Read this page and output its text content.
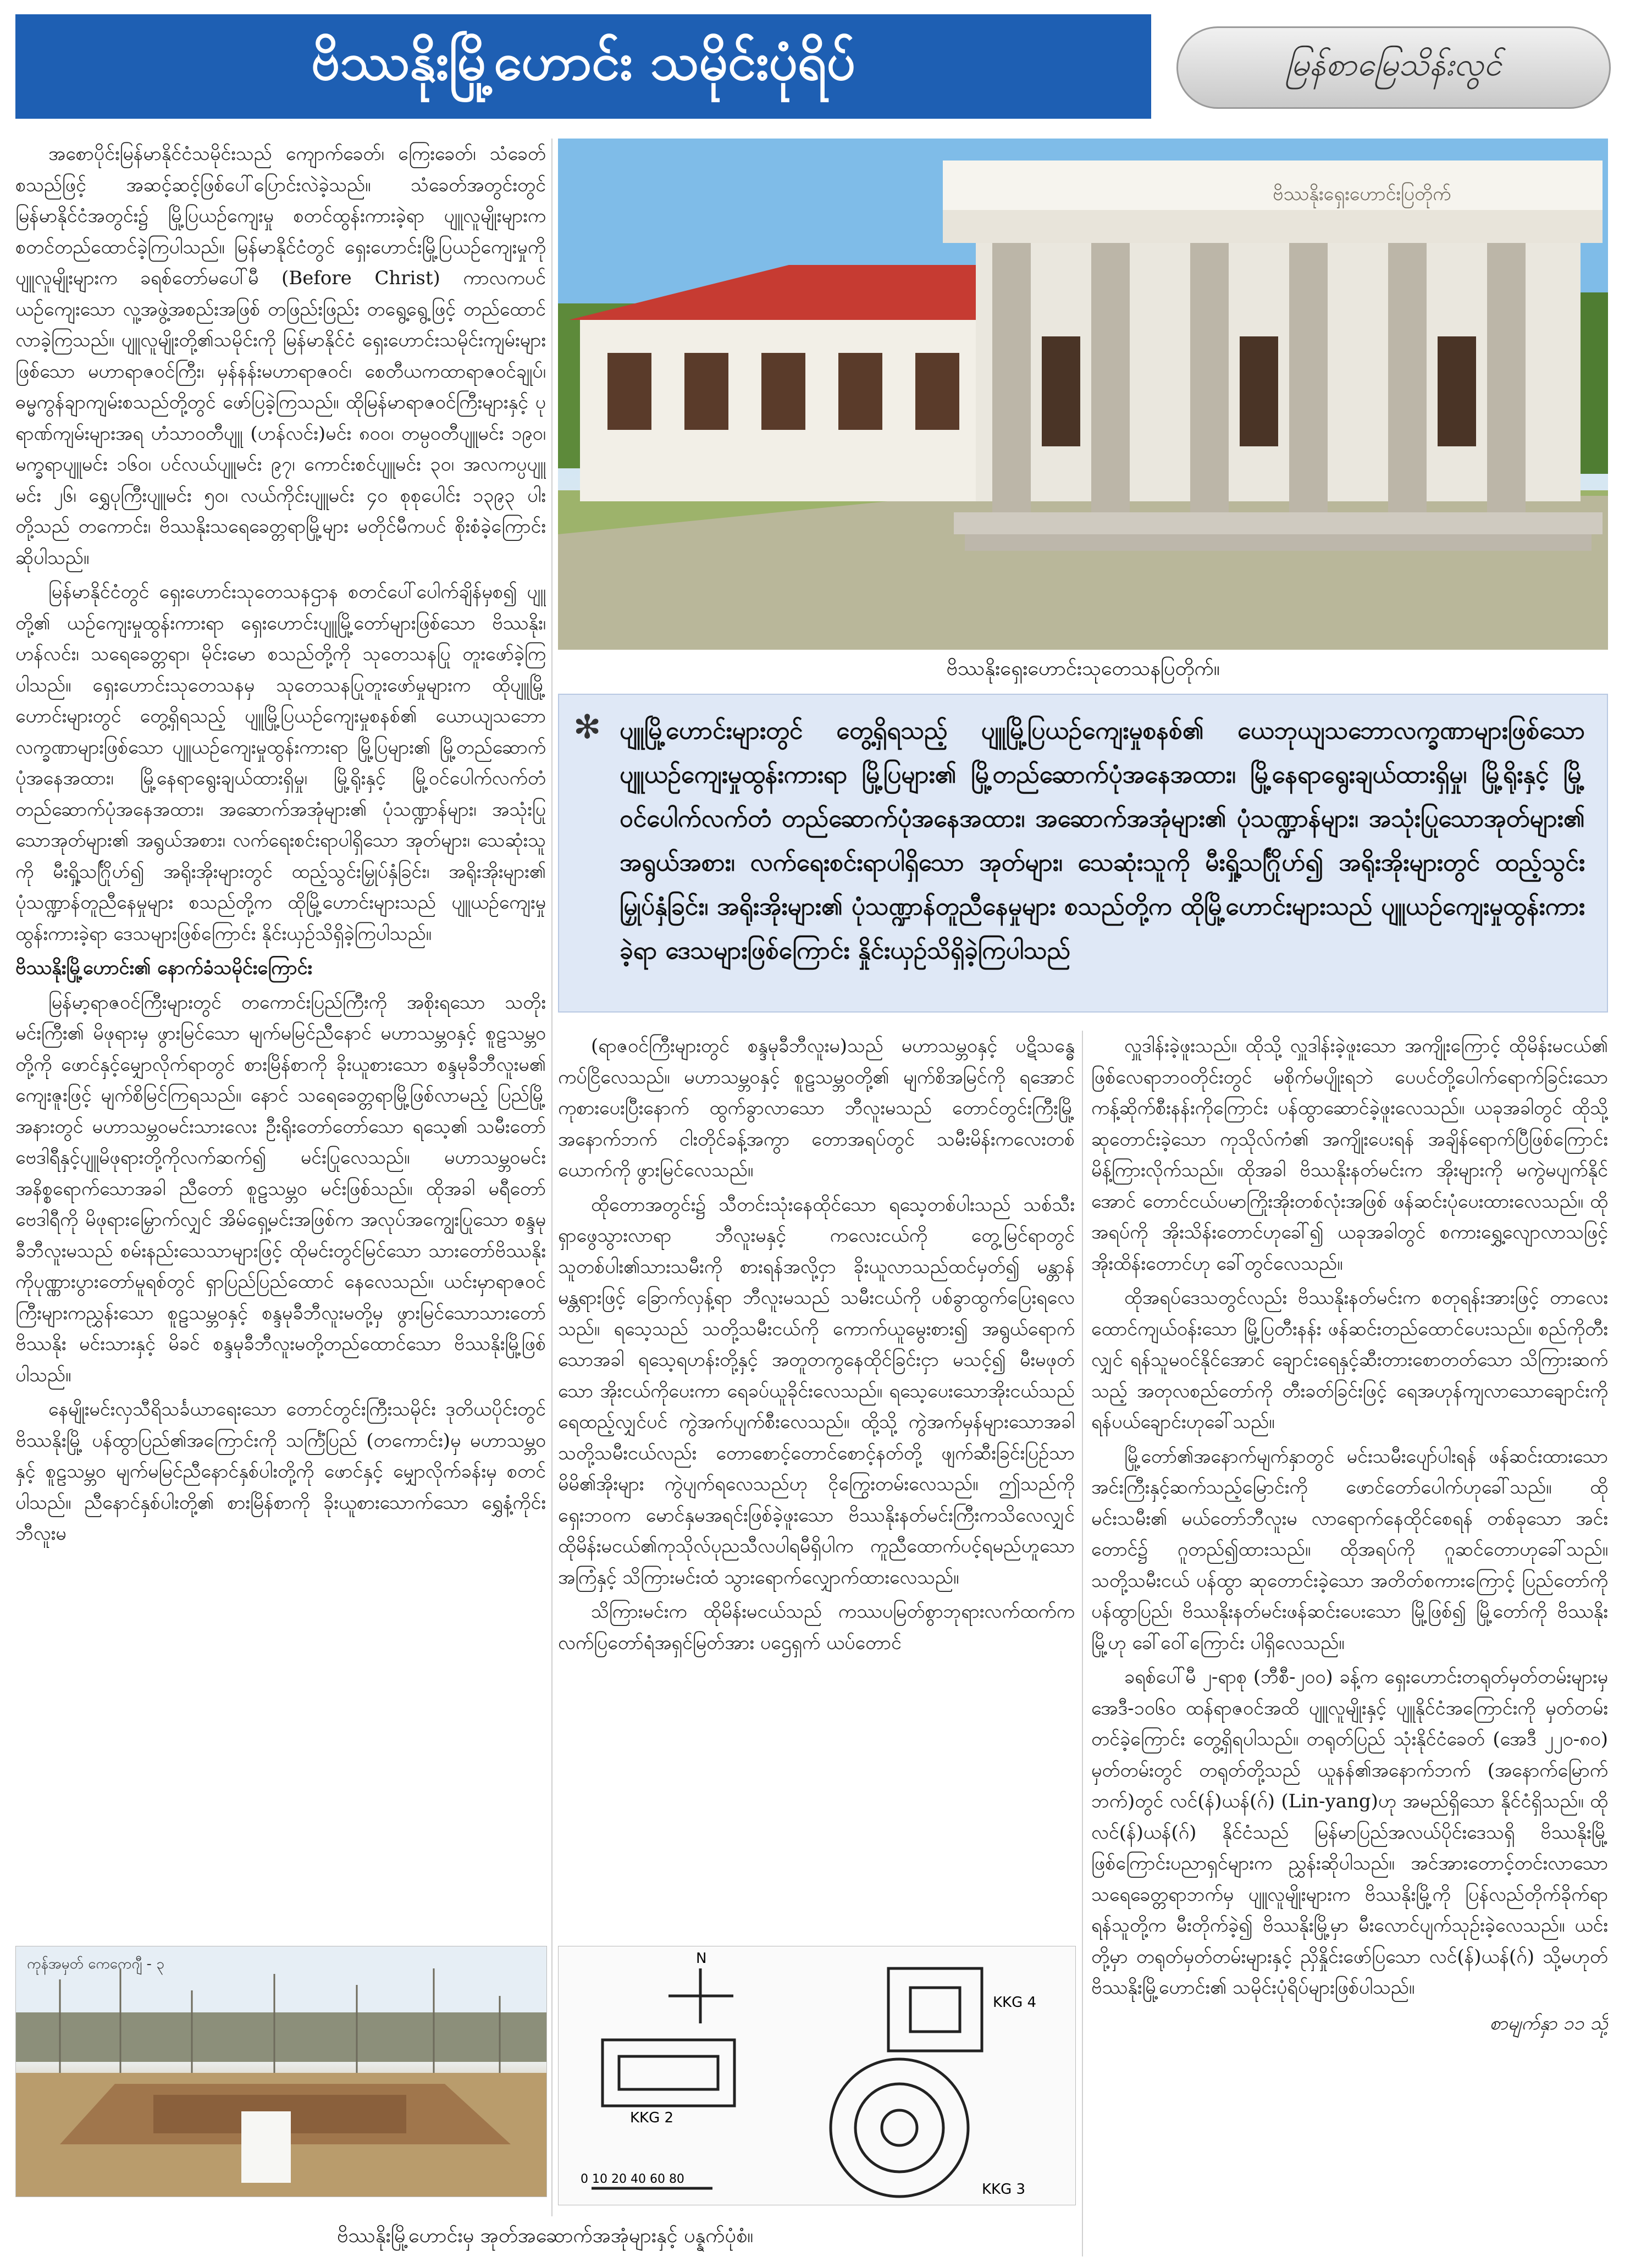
ဗိဿနိုးမြို့ဟောင်း သမိုင်းပုံရိပ်	မြန်စာမြေသိန်းလွင်

အစောပိုင်းမြန်မာနိုင်ငံသမိုင်းသည် ကျောက်ခေတ်၊ ကြေးခေတ်၊ သံခေတ် စသည်ဖြင့် အဆင့်ဆင့်ဖြစ်ပေါ်ပြောင်းလဲခဲ့သည်။ သံခေတ်အတွင်းတွင် မြန်မာနိုင်ငံအတွင်း၌ မြို့ပြယဉ်ကျေးမှု စတင်ထွန်းကားခဲ့ရာ ပျူလူမျိုးများက စတင်တည်ထောင်ခဲ့ကြပါသည်။ မြန်မာနိုင်ငံတွင် ရှေးဟောင်းမြို့ပြယဉ်ကျေးမှုကို ပျူလူမျိုးများက ခရစ်တော်မပေါ်မီ (Before Christ) ကာလကပင် ယဉ်ကျေးသော လူ့အဖွဲ့အစည်းအဖြစ် တဖြည်းဖြည်း တရွေ့ရွေ့ဖြင့် တည်ထောင်လာခဲ့ကြသည်။ ပျူလူမျိုးတို့၏သမိုင်းကို မြန်မာနိုင်ငံ ရှေးဟောင်းသမိုင်းကျမ်းများဖြစ်သော မဟာရာဇဝင်ကြီး၊ မှန်နန်းမဟာရာဇဝင်၊ စေတီယကထာရာဇဝင်ချုပ်၊ ဓမ္မကွန်ချာကျမ်းစသည်တို့တွင် ဖော်ပြခဲ့ကြသည်။ ထိုမြန်မာရာဇဝင်ကြီးများနှင့် ပုရာဏ်ကျမ်းများအရ ဟံသာဝတီပျူ (ဟန်လင်း)မင်း ၈၀၀၊ တမ္ပဝတီပျူမင်း ၁၉၀၊ မက္ခရာပျူမင်း ၁၆၀၊ ပင်လယ်ပျူမင်း ၉၇၊ ကောင်းစင်ပျူမင်း ၃၀၊ အလကပ္ပပျူမင်း ၂၆၊ ရွှေပုကြီးပျူမင်း ၅၀၊ လယ်ကိုင်းပျူမင်း ၄၀ စုစုပေါင်း ၁၃၉၃ ပါးတို့သည် တကောင်း၊ ဗိဿနိုးသရေခေတ္တရာမြို့များ မတိုင်မီကပင် စိုးစံခဲ့ကြောင်းဆိုပါသည်။

မြန်မာနိုင်ငံတွင် ရှေးဟောင်းသုတေသနဌာန စတင်ပေါ်ပေါက်ချိန်မှစ၍ ပျူတို့၏ ယဉ်ကျေးမှုထွန်းကားရာ ရှေးဟောင်းပျူမြို့တော်များဖြစ်သော ဗိဿနိုး၊ ဟန်လင်း၊ သရေခေတ္တရာ၊ မိုင်းမော စသည်တို့ကို သုတေသနပြု တူးဖော်ခဲ့ကြပါသည်။ ရှေးဟောင်းသုတေသနမှ သုတေသနပြုတူးဖော်မှုများက ထိုပျူမြို့ဟောင်းများတွင် တွေ့ရှိရသည့် ပျူမြို့ပြယဉ်ကျေးမှုစနစ်၏ ယောယျသဘောလက္ခဏာများဖြစ်သော ပျူယဉ်ကျေးမှုထွန်းကားရာ မြို့ပြများ၏ မြို့တည်ဆောက်ပုံအနေအထား၊ မြို့နေရာရွေးချယ်ထားရှိမှု၊ မြို့ရိုးနှင့် မြို့ဝင်ပေါက်လက်တံ တည်ဆောက်ပုံအနေအထား၊ အဆောက်အအုံများ၏ ပုံသဏ္ဍာန်များ၊ အသုံးပြုသောအုတ်များ၏ အရွယ်အစား၊ လက်ရေးစင်းရာပါရှိသော အုတ်များ၊ သေဆုံးသူကို မီးရှို့သင်္ဂြိုဟ်၍ အရိုးအိုးများတွင် ထည့်သွင်းမြှုပ်နှံခြင်း၊ အရိုးအိုးများ၏ ပုံသဏ္ဍာန်တူညီနေမှုများ စသည်တို့က ထိုမြို့ဟောင်းများသည် ပျူယဉ်ကျေးမှုထွန်းကားခဲ့ရာ ဒေသများဖြစ်ကြောင်း နိုင်းယှဉ်သိရှိခဲ့ကြပါသည်။

ဗိဿနိုးမြို့ဟောင်း၏ နောက်ခံသမိုင်းကြောင်း

မြန်မာ့ရာဇဝင်ကြီးများတွင် တကောင်းပြည်ကြီးကို အစိုးရသော သတိုးမင်းကြီး၏ မိဖုရားမှ ဖွားမြင်သော မျက်မမြင်ညီနောင် မဟာသမ္ဘဝနှင့် စူဠသမ္ဘဝတို့ကို ဖောင်နှင့်မျှောလိုက်ရာတွင် စားမြိန်စာကို ခိုးယူစားသော စန္ဒမုခီဘီလူးမ၏ ကျေးဇူးဖြင့် မျက်စိမြင်ကြရသည်။ နောင် သရေခေတ္တရာမြို့ဖြစ်လာမည့် ပြည်မြို့အနားတွင် မဟာသမ္ဘဝမင်းသားလေး ဦးရိုးတော်တော်သော ရသေ့၏ သမီးတော် ဗေဒါရီနှင့်ပျူမိဖုရားတို့ကိုလက်ဆက်၍ မင်းပြုလေသည်။ မဟာသမ္ဘဝမင်း အနိစ္စရောက်သောအခါ ညီတော် စူဠသမ္ဘဝ မင်းဖြစ်သည်။ ထိုအခါ မရီတော် ဗေဒါရီကို မိဖုရားမြှောက်လျှင် အိမ်ရှေ့မင်းအဖြစ်က အလုပ်အကျွေးပြုသော စန္ဒမုခီဘီလူးမသည် စမ်းနည်းသေသာများဖြင့် ထိုမင်းတွင်မြင်သော သားတော်ဗိဿနိုးကိုပုဏ္ဏားပွားတော်မူရစ်တွင် ရှာပြည်ပြည်ထောင် နေလေသည်။ ယင်းမှာရာဇဝင်ကြီးများကညွှန်းသော စူဠသမ္ဘဝနှင့် စန္ဒမုခီဘီလူးမတို့မှ ဖွားမြင်သောသားတော် ဗိဿနိုး မင်းသားနှင့် မိခင် စန္ဒမုခီဘီလူးမတို့တည်ထောင်သော ဗိဿနိုးမြို့ဖြစ်ပါသည်။

နေမျိုးမင်းလှသီရိသင်္ခယာရေးသော တောင်တွင်းကြီးသမိုင်း ဒုတိယပိုင်းတွင် ဗိဿနိုးမြို့ ပန်ထွာပြည်၏အကြောင်းကို သင်္ကြံပြည် (တကောင်း)မှ မဟာသမ္ဘဝနှင့် စူဠသမ္ဘဝ မျက်မမြင်ညီနောင်နှစ်ပါးတို့ကို ဖောင်နှင့် မျှောလိုက်ခန်းမှ စတင်ပါသည်။ ညီနောင်နှစ်ပါးတို့၏ စားမြိန်စာကို ခိုးယူစားသောက်သော ရွှေနံ့ကိုင်းဘီလူးမ

ဗိဿနိုးရှေးဟောင်းပြတိုက်
ဗိဿနိုးရှေးဟောင်းသုတေသနပြတိုက်။
✻ ပျူမြို့ဟောင်းများတွင် တွေ့ရှိရသည့် ပျူမြို့ပြယဉ်ကျေးမှုစနစ်၏ ယေဘုယျသဘောလက္ခဏာများဖြစ်သော ပျူယဉ်ကျေးမှုထွန်းကားရာ မြို့ပြများ၏ မြို့တည်ဆောက်ပုံအနေအထား၊ မြို့နေရာရွေးချယ်ထားရှိမှု၊ မြို့ရိုးနှင့် မြို့ဝင်ပေါက်လက်တံ တည်ဆောက်ပုံအနေအထား၊ အဆောက်အအုံများ၏ ပုံသဏ္ဍာန်များ၊ အသုံးပြုသောအုတ်များ၏ အရွယ်အစား၊ လက်ရေးစင်းရာပါရှိသော အုတ်များ၊ သေဆုံးသူကို မီးရှို့သင်္ဂြိုဟ်၍ အရိုးအိုးများတွင် ထည့်သွင်းမြှုပ်နှံခြင်း၊ အရိုးအိုးများ၏ ပုံသဏ္ဍာန်တူညီနေမှုများ စသည်တို့က ထိုမြို့ဟောင်းများသည် ပျူယဉ်ကျေးမှုထွန်းကားခဲ့ရာ ဒေသများဖြစ်ကြောင်း နှိုင်းယှဉ်သိရှိခဲ့ကြပါသည်

(ရာဇဝင်ကြီးများတွင် စန္ဒမုခီဘီလူးမ)သည် မဟာသမ္ဘဝနှင့် ပဋိသန္ဓေကပ်ငြိလေသည်။ မဟာသမ္ဘဝနှင့် စူဠသမ္ဘဝတို့၏ မျက်စိအမြင်ကို ရအောင်ကုစားပေးပြီးနောက် ထွက်ခွာလာသော ဘီလူးမသည် တောင်တွင်းကြီးမြို့ အနောက်ဘက် ငါးတိုင်ခန့်အကွာ တောအရပ်တွင် သမီးမိန်းကလေးတစ်ယောက်ကို ဖွားမြင်လေသည်။

ထိုတောအတွင်း၌ သီတင်းသုံးနေထိုင်သော ရသေ့တစ်ပါးသည် သစ်သီးရှာဖွေသွားလာရာ ဘီလူးမနှင့် ကလေးငယ်ကို တွေ့မြင်ရာတွင် သူတစ်ပါး၏သားသမီးကို စားရန်အလို့ငှာ ခိုးယူလာသည်ထင်မှတ်၍ မန္တာန်မန္တရားဖြင့် ခြောက်လှန့်ရာ ဘီလူးမသည် သမီးငယ်ကို ပစ်ခွာထွက်ပြေးရလေသည်။ ရသေ့သည် သတို့သမီးငယ်ကို ကောက်ယူမွေးစား၍ အရွယ်ရောက်သောအခါ ရသေ့ရဟန်းတို့နှင့် အတူတကွနေထိုင်ခြင်းငှာ မသင့်၍ မီးမဖုတ်သော အိုးငယ်ကိုပေးကာ ရေခပ်ယူခိုင်းလေသည်။ ရသေ့ပေးသောအိုးငယ်သည် ရေထည့်လျှင်ပင် ကွဲအက်ပျက်စီးလေသည်။ ထို့သို့ ကွဲအက်မှန်များသောအခါ သတို့သမီးငယ်လည်း တောစောင့်တောင်စောင့်နတ်တို့ ဖျက်ဆီးခြင်းပြဉ်သာ မိမိ၏အိုးများ ကွဲပျက်ရလေသည်ဟု ငိုကြွေးတမ်းလေသည်။ ဤသည်ကို ရှေးဘဝက မောင်နှမအရင်းဖြစ်ခဲ့ဖူးသော ဗိဿနိုးနတ်မင်းကြီးကသိလေလျှင် ထိုမိန်းမငယ်၏ကုသိုလ်ပုညသီလပါရမီရှိပါက ကူညီထောက်ပင့်ရမည်ဟူသော အကြံနှင့် သိကြားမင်းထံ သွားရောက်လျှောက်ထားလေသည်။

သိကြားမင်းက ထိုမိန်းမငယ်သည် ကဿပမြတ်စွာဘုရားလက်ထက်က လက်ပြတော်ရံအရှင်မြတ်အား ပဌေရှက် ယပ်တောင်

လှူဒါန်းခဲ့ဖူးသည်။ ထိုသို့ လှူဒါန်းခဲ့ဖူးသော အကျိုးကြောင့် ထိုမိန်းမငယ်၏ ဖြစ်လေရာဘဝတိုင်းတွင် မစိုက်မပျိုးရဘဲ ပေပင်တို့ပေါက်ရောက်ခြင်းသော ကန့်ဆိုက်စီးနန်းကိုကြောင်း ပန်ထွာဆောင်ခဲ့ဖူးလေသည်။ ယခုအခါတွင် ထိုသို့ဆုတောင်းခဲ့သော ကုသိုလ်ကံ၏ အကျိုးပေးရန် အချိန်ရောက်ပြီဖြစ်ကြောင်း မိန့်ကြားလိုက်သည်။ ထိုအခါ ဗိဿနိုးနတ်မင်းက အိုးများကို မကွဲမပျက်နိုင်အောင် တောင်ငယ်ပမာကြိုးအိုးတစ်လုံးအဖြစ် ဖန်ဆင်းပုံပေးထားလေသည်။ ထိုအရပ်ကို အိုးသိန်းတောင်ဟုခေါ်၍ ယခုအခါတွင် စကားရွှေ့လျောလာသဖြင့် အိုးထိန်းတောင်ဟု ခေါ်တွင်လေသည်။

ထိုအရပ်ဒေသတွင်လည်း ဗိဿနိုးနတ်မင်းက စတုရန်းအားဖြင့် တာလေးထောင်ကျယ်ဝန်းသော မြို့ပြတီးနန်း ဖန်ဆင်းတည်ထောင်ပေးသည်။ စည်ကိုတီးလျှင် ရန်သူမဝင်နိုင်အောင် ချောင်းရေနှင့်ဆီးတားစောတတ်သော သိကြားဆက်သည့် အတုလစည်တော်ကို တီးခတ်ခြင်းဖြင့် ရေအဟုန်ကျလာသောချောင်းကို ရန်ပယ်ချောင်းဟုခေါ်သည်။

မြို့တော်၏အနောက်မျက်နှာတွင် မင်းသမီးပျော်ပါးရန် ဖန်ဆင်းထားသော အင်းကြီးနှင့်ဆက်သည့်မြောင်းကို ဖောင်တော်ပေါက်ဟုခေါ်သည်။ ထိုမင်းသမီး၏ မယ်တော်ဘီလူးမ လာရောက်နေထိုင်စေရန် တစ်ခုသော အင်းတောင်၌ ဂူတည်၍ထားသည်။ ထိုအရပ်ကို ဂူဆင်တောဟုခေါ်သည်။ သတို့သမီးငယ် ပန်ထွာ ဆုတောင်းခဲ့သော အတိတ်စကားကြောင့် ပြည်တော်ကို ပန်ထွာပြည်၊ ဗိဿနိုးနတ်မင်းဖန်ဆင်းပေးသော မြို့ဖြစ်၍ မြို့တော်ကို ဗိဿနိုးမြို့ဟု ခေါ်ဝေါ်ကြောင်း ပါရှိလေသည်။

ခရစ်ပေါ်မီ ၂-ရာစု (ဘီစီ-၂၀၀) ခန့်က ရှေးဟောင်းတရုတ်မှတ်တမ်းများမှ အေဒီ-၁၀၆၀ ထန်ရာဇဝင်အထိ ပျူလူမျိုးနှင့် ပျူနိုင်ငံအကြောင်းကို မှတ်တမ်းတင်ခဲ့ကြောင်း တွေ့ရှိရပါသည်။ တရုတ်ပြည် သုံးနိုင်ငံခေတ် (အေဒီ ၂၂၀-၈၀) မှတ်တမ်းတွင် တရုတ်တို့သည် ယူနန်၏အနောက်ဘက် (အနောက်မြောက်ဘက်)တွင် လင်(န်)ယန်(ဂ်) (Lin-yang)ဟု အမည်ရှိသော နိုင်ငံရှိသည်။ ထိုလင်(န်)ယန်(ဂ်) နိုင်ငံသည် မြန်မာပြည်အလယ်ပိုင်းဒေသရှိ ဗိဿနိုးမြို့ဖြစ်ကြောင်းပညာရှင်များက ညွှန်းဆိုပါသည်။ အင်အားတောင့်တင်းလာသော သရေခေတ္တရာဘက်မှ ပျူလူမျိုးများက ဗိဿနိုးမြို့ကို ပြန်လည်တိုက်ခိုက်ရာ ရန်သူတို့က မီးတိုက်ခဲ့၍ ဗိဿနိုးမြို့မှာ မီးလောင်ပျက်သုဉ်းခဲ့လေသည်။ ယင်းတို့မှာ တရုတ်မှတ်တမ်းများနှင့် ညှိနှိုင်းဖော်ပြသော လင်(န်)ယန်(ဂ်) သို့မဟုတ် ဗိဿနိုးမြို့ဟောင်း၏ သမိုင်းပုံရိပ်များဖြစ်ပါသည်။

စာမျက်နှာ ၁၁ သို့

ကုန်အမှတ် ကေကေဂျီ - ၃	N
KKG 4
KKG 2
KKG 3
0 10 20 40 60 80
ဗိဿနိုးမြို့ဟောင်းမှ အုတ်အဆောက်အအုံများနှင့် ပန္နက်ပုံစံ။
